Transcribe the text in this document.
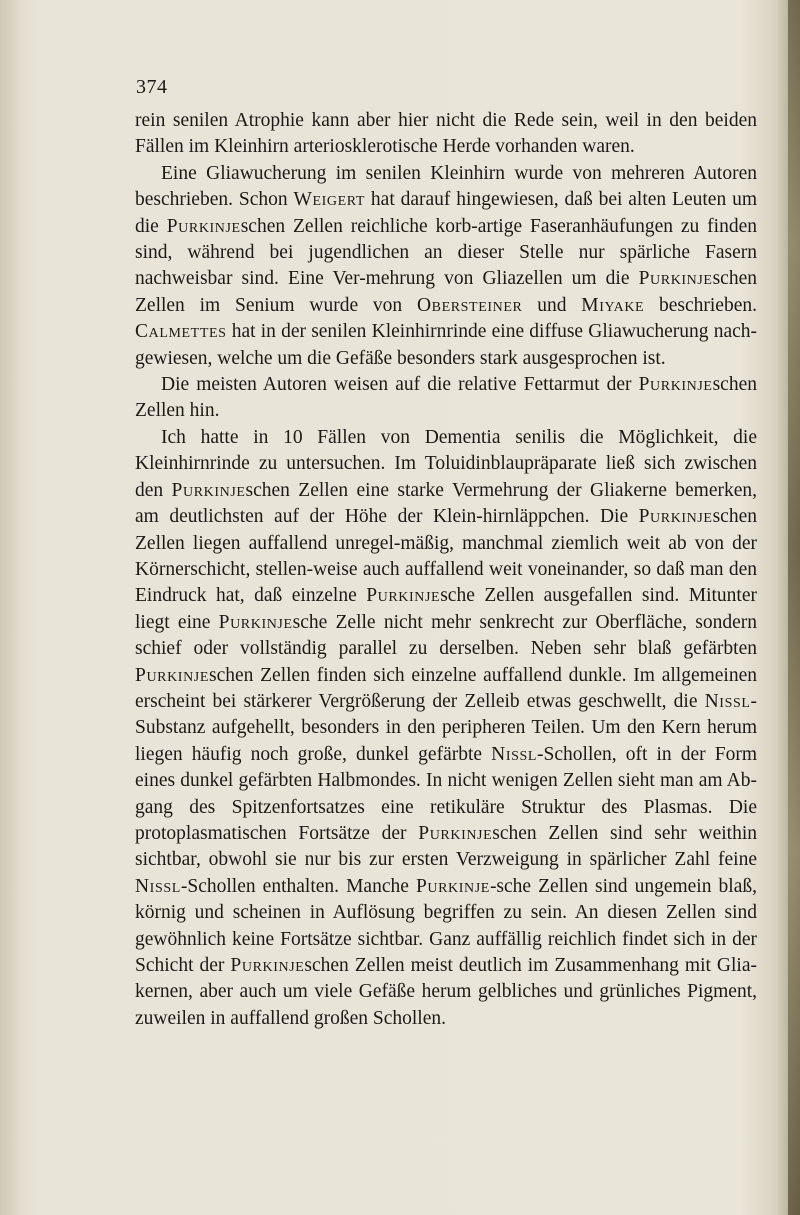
374

rein senilen Atrophie kann aber hier nicht die Rede sein, weil in den beiden Fällen im Kleinhirn arteriosklerotische Herde vorhanden waren.

Eine Gliawucherung im senilen Kleinhirn wurde von mehreren Autoren beschrieben. Schon Weigert hat darauf hingewiesen, daß bei alten Leuten um die Purkinjeschen Zellen reichliche korb-artige Faseranhäufungen zu finden sind, während bei jugendlichen an dieser Stelle nur spärliche Fasern nachweisbar sind. Eine Ver-mehrung von Gliazellen um die Purkinjeschen Zellen im Senium wurde von Obersteiner und Miyake beschrieben. Calmettes hat in der senilen Kleinhirnrinde eine diffuse Gliawucherung nach-gewiesen, welche um die Gefäße besonders stark ausgesprochen ist.

Die meisten Autoren weisen auf die relative Fettarmut der Purkinjeschen Zellen hin.

Ich hatte in 10 Fällen von Dementia senilis die Möglichkeit, die Kleinhirnrinde zu untersuchen. Im Toluidinblaupräparate ließ sich zwischen den Purkinjeschen Zellen eine starke Vermehrung der Gliakerne bemerken, am deutlichsten auf der Höhe der Klein-hirnläppchen. Die Purkinjeschen Zellen liegen auffallend unregel-mäßig, manchmal ziemlich weit ab von der Körnerschicht, stellen-weise auch auffallend weit voneinander, so daß man den Eindruck hat, daß einzelne Purkinjesche Zellen ausgefallen sind. Mitunter liegt eine Purkinjesche Zelle nicht mehr senkrecht zur Oberfläche, sondern schief oder vollständig parallel zu derselben. Neben sehr blaß gefärbten Purkinjeschen Zellen finden sich einzelne auffallend dunkle. Im allgemeinen erscheint bei stärkerer Vergrößerung der Zelleib etwas geschwellt, die Nissl-Substanz aufgehellt, besonders in den peripheren Teilen. Um den Kern herum liegen häufig noch große, dunkel gefärbte Nissl-Schollen, oft in der Form eines dunkel gefärbten Halbmondes. In nicht wenigen Zellen sieht man am Ab-gang des Spitzenfortsatzes eine retikuläre Struktur des Plasmas. Die protoplasmatischen Fortsätze der Purkinjeschen Zellen sind sehr weithin sichtbar, obwohl sie nur bis zur ersten Verzweigung in spärlicher Zahl feine Nissl-Schollen enthalten. Manche Purkinje-sche Zellen sind ungemein blaß, körnig und scheinen in Auflösung begriffen zu sein. An diesen Zellen sind gewöhnlich keine Fortsätze sichtbar. Ganz auffällig reichlich findet sich in der Schicht der Purkinjeschen Zellen meist deutlich im Zusammenhang mit Glia-kernen, aber auch um viele Gefäße herum gelbliches und grünliches Pigment, zuweilen in auffallend großen Schollen.
